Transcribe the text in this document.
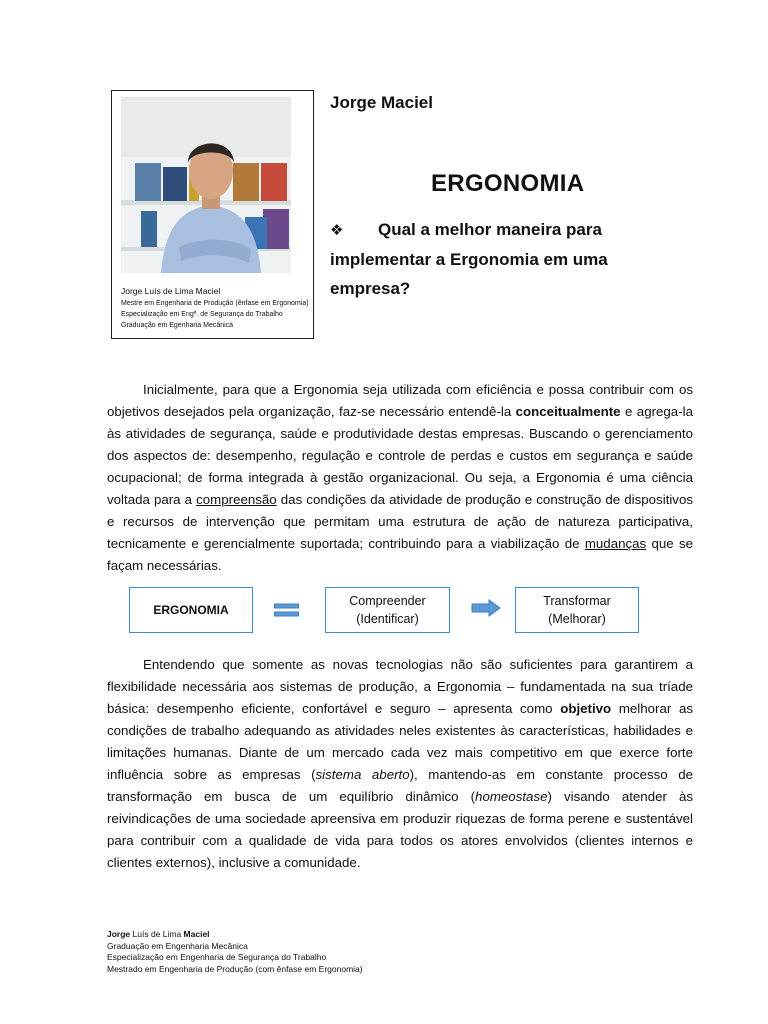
Jorge Luís de Lima Maciel
Mestre em Engenharia de Produção (ênfase em Ergonomia)
Especialização em Engª. de Segurança do Trabalho
Graduação em Egenharia Mecânica
Jorge Maciel
ERGONOMIA
❖ Qual a melhor maneira para implementar a Ergonomia em uma empresa?

Inicialmente, para que a Ergonomia seja utilizada com eficiência e possa contribuir com os objetivos desejados pela organização, faz-se necessário entendê-la conceitualmente e agrega-la às atividades de segurança, saúde e produtividade destas empresas. Buscando o gerenciamento dos aspectos de: desempenho, regulação e controle de perdas e custos em segurança e saúde ocupacional; de forma integrada à gestão organizacional. Ou seja, a Ergonomia é uma ciência voltada para a compreensão das condições da atividade de produção e construção de dispositivos e recursos de intervenção que permitam uma estrutura de ação de natureza participativa, tecnicamente e gerencialmente suportada; contribuindo para a viabilização de mudanças que se façam necessárias.

ERGONOMIA
Compreender
(Identificar)
Transformar
(Melhorar)

Entendendo que somente as novas tecnologias não são suficientes para garantirem a flexibilidade necessária aos sistemas de produção, a Ergonomia – fundamentada na sua tríade básica: desempenho eficiente, confortável e seguro – apresenta como objetivo melhorar as condições de trabalho adequando as atividades neles existentes às características, habilidades e limitações humanas. Diante de um mercado cada vez mais competitivo em que exerce forte influência sobre as empresas (sistema aberto), mantendo-as em constante processo de transformação em busca de um equilíbrio dinâmico (homeostase) visando atender às reivindicações de uma sociedade apreensiva em produzir riquezas de forma perene e sustentável para contribuir com a qualidade de vida para todos os atores envolvidos (clientes internos e clientes externos), inclusive a comunidade.

Jorge Luís de Lima Maciel
Graduação em Engenharia Mecânica
Especialização em Engenharia de Segurança do Trabalho
Mestrado em Engenharia de Produção (com ênfase em Ergonomia)
